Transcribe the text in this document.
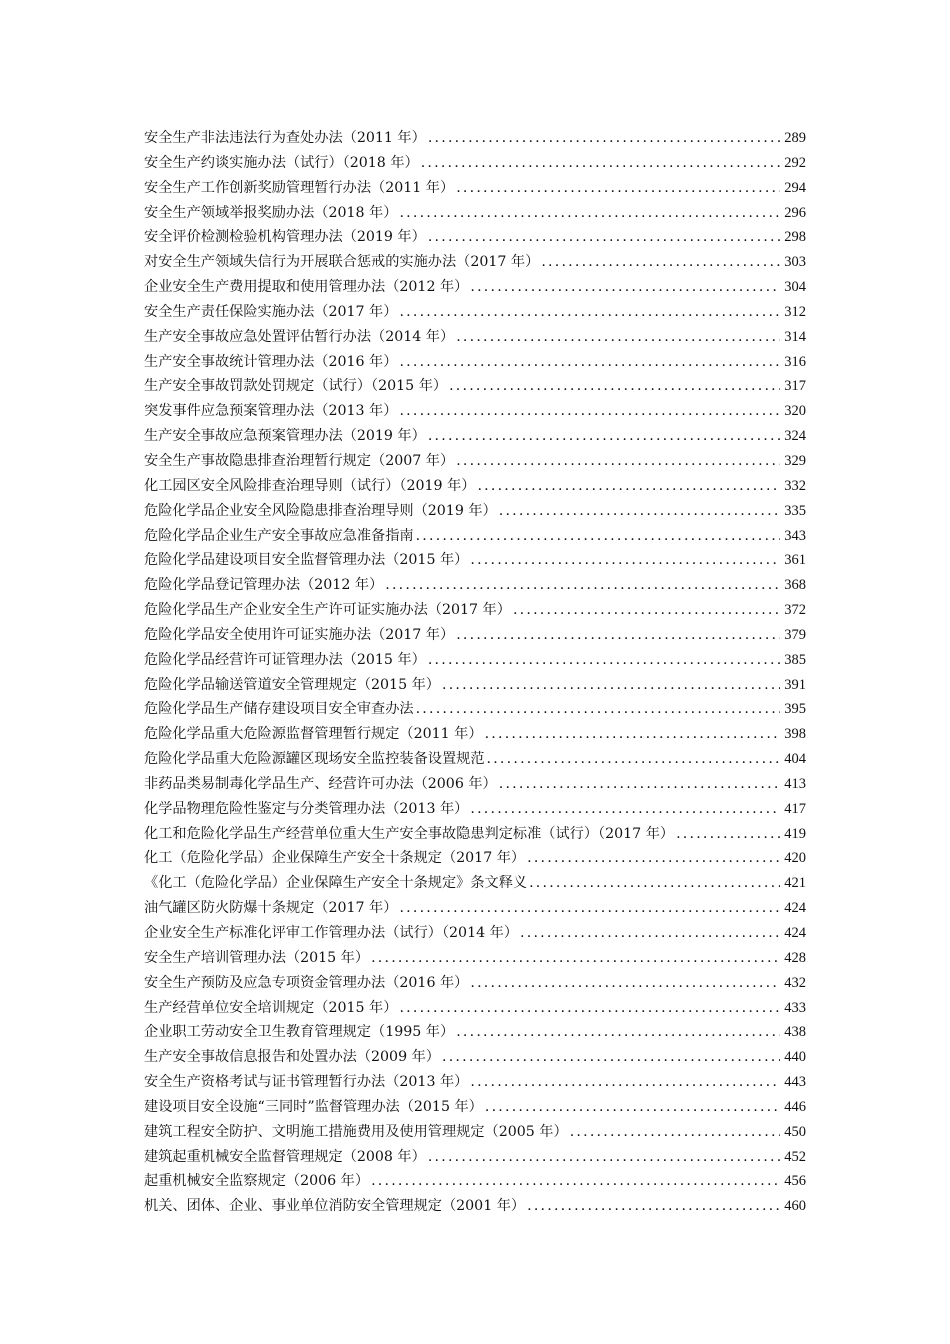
安全生产非法违法行为查处办法（2011 年） .....	289
安全生产约谈实施办法（试行）（2018 年） .....	292
安全生产工作创新奖励管理暂行办法（2011 年） .....	294
安全生产领域举报奖励办法（2018 年） .....	296
安全评价检测检验机构管理办法（2019 年） .....	298
对安全生产领域失信行为开展联合惩戒的实施办法（2017 年） .....	303
企业安全生产费用提取和使用管理办法（2012 年） .....	304
安全生产责任保险实施办法（2017 年） .....	312
生产安全事故应急处置评估暂行办法（2014 年） .....	314
生产安全事故统计管理办法（2016 年） .....	316
生产安全事故罚款处罚规定（试行）（2015 年） .....	317
突发事件应急预案管理办法（2013 年） .....	320
生产安全事故应急预案管理办法（2019 年） .....	324
安全生产事故隐患排查治理暂行规定（2007 年） .....	329
化工园区安全风险排查治理导则（试行）（2019 年） .....	332
危险化学品企业安全风险隐患排查治理导则（2019 年） .....	335
危险化学品企业生产安全事故应急准备指南 .....	343
危险化学品建设项目安全监督管理办法（2015 年） .....	361
危险化学品登记管理办法（2012 年） .....	368
危险化学品生产企业安全生产许可证实施办法（2017 年） .....	372
危险化学品安全使用许可证实施办法（2017 年） .....	379
危险化学品经营许可证管理办法（2015 年） .....	385
危险化学品输送管道安全管理规定（2015 年） .....	391
危险化学品生产储存建设项目安全审查办法 .....	395
危险化学品重大危险源监督管理暂行规定（2011 年） .....	398
危险化学品重大危险源罐区现场安全监控装备设置规范 .....	404
非药品类易制毒化学品生产、经营许可办法（2006 年） .....	413
化学品物理危险性鉴定与分类管理办法（2013 年） .....	417
化工和危险化学品生产经营单位重大生产安全事故隐患判定标准（试行）（2017 年） .....	419
化工（危险化学品）企业保障生产安全十条规定（2017 年） .....	420
《化工（危险化学品）企业保障生产安全十条规定》条文释义 .....	421
油气罐区防火防爆十条规定（2017 年） .....	424
企业安全生产标准化评审工作管理办法（试行）（2014 年） .....	424
安全生产培训管理办法（2015 年） .....	428
安全生产预防及应急专项资金管理办法（2016 年） .....	432
生产经营单位安全培训规定（2015 年） .....	433
企业职工劳动安全卫生教育管理规定（1995 年） .....	438
生产安全事故信息报告和处置办法（2009 年） .....	440
安全生产资格考试与证书管理暂行办法（2013 年） .....	443
建设项目安全设施“三同时”监督管理办法（2015 年） .....	446
建筑工程安全防护、文明施工措施费用及使用管理规定（2005 年） .....	450
建筑起重机械安全监督管理规定（2008 年） .....	452
起重机械安全监察规定（2006 年） .....	456
机关、团体、企业、事业单位消防安全管理规定（2001 年） .....	460
